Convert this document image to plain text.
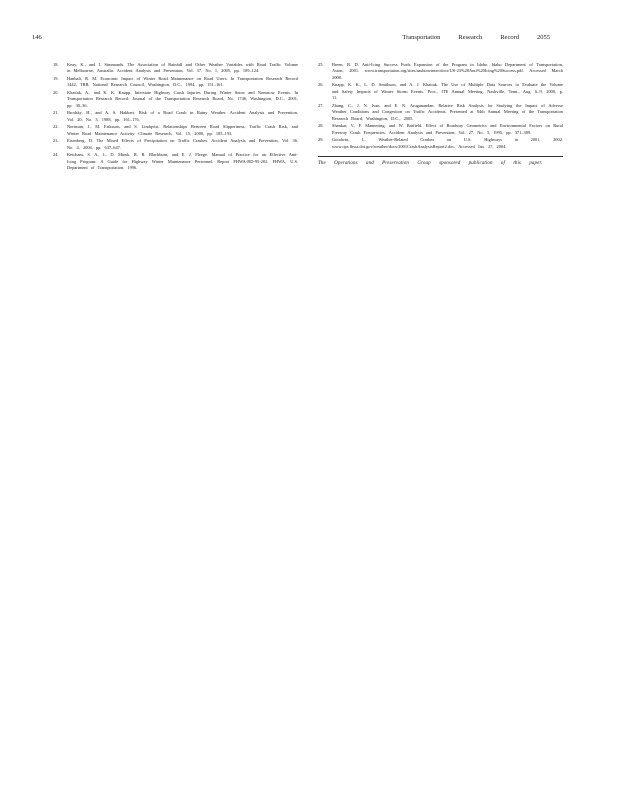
146	Transportation	Research	Record	2055
18. Keay, K., and I. Simmonds. The Association of Rainfall and Other Weather Variables with Road Traffic Volume in Melbourne, Australia. Accident Analysis and Prevention, Vol. 37, No. 1, 2005, pp. 109–124.
19. Hanbali, R. M. Economic Impact of Winter Road Maintenance on Road Users. In Transportation Research Record 1442, TRB, National Research Council, Washington, D.C., 1994, pp. 151–161.
20. Khattak, A., and K. K. Knapp. Interstate Highway Crash Injuries During Winter Snow and Nonsnow Events. In Transportation Research Record: Journal of the Transportation Research Board, No. 1746, Washington, D.C., 2001, pp. 30–36.
21. Brodsky, H., and A. S. Hakkert. Risk of a Road Crash in Rainy Weather. Accident Analysis and Prevention, Vol. 20, No. 3, 1988, pp. 161–176.
22. Norrman, J., M. Eriksson, and S. Lindqvist. Relationships Between Road Slipperiness, Traffic Crash Risk, and Winter Road Maintenance Activity. Climate Research, Vol. 15, 2000, pp. 185–193.
23. Eisenberg, D. The Mixed Effects of Precipitation on Traffic Crashes. Accident Analysis and Prevention, Vol. 36, No. 4, 2004, pp. 637–647.
24. Ketcham, S. A., L. D. Minsk, R. R. Blackburn, and E. J. Fleege. Manual of Practice for an Effective Anti-Icing Program: A Guide for Highway Winter Maintenance Personnel. Report FHWA-RD-95-202. FHWA, U.S. Department of Transportation, 1996.
25. Breen, B. D. Anti-Icing Success Fuels Expansion of the Program in Idaho. Idaho Department of Transportation, Aston, 2001. www.transportation.org/sites/aashtowinter/docs/US-23%20Anti%20Icing%20Success.pdf. Accessed March 2008.
26. Knapp, K. K., L. D. Smithson, and A. J. Khattak. The Use of Multiple Data Sources to Evaluate the Volume and Safety Impacts of Winter Storm Events. Proc., ITE Annual Meeting, Nashville, Tenn., Aug. 6–9, 2000, p. 11.
27. Zhang, C., J. N. Ivan, and E. N. Aruganandan. Relative Risk Analysis for Studying the Impact of Adverse Weather Conditions and Congestion on Traffic Accidents. Presented at 84th Annual Meeting of the Transportation Research Board, Washington, D.C., 2005.
28. Shankar, V., F. Mannering, and W. Barfield. Effect of Roadway Geometrics and Environmental Factors on Rural Freeway Crash Frequencies. Accident Analysis and Prevention, Vol. 27, No. 3, 1995, pp. 371–389.
29. Goodwin, L. Weather-Related Crashes on U.S. Highways in 2001. 2002. www.ops.fhwa.dot.gov/weather/docs/2001CrashAnalysisReport2.doc. Accessed Jan. 27, 2004.
The Operations and Preservation Group sponsored publication of this paper.
